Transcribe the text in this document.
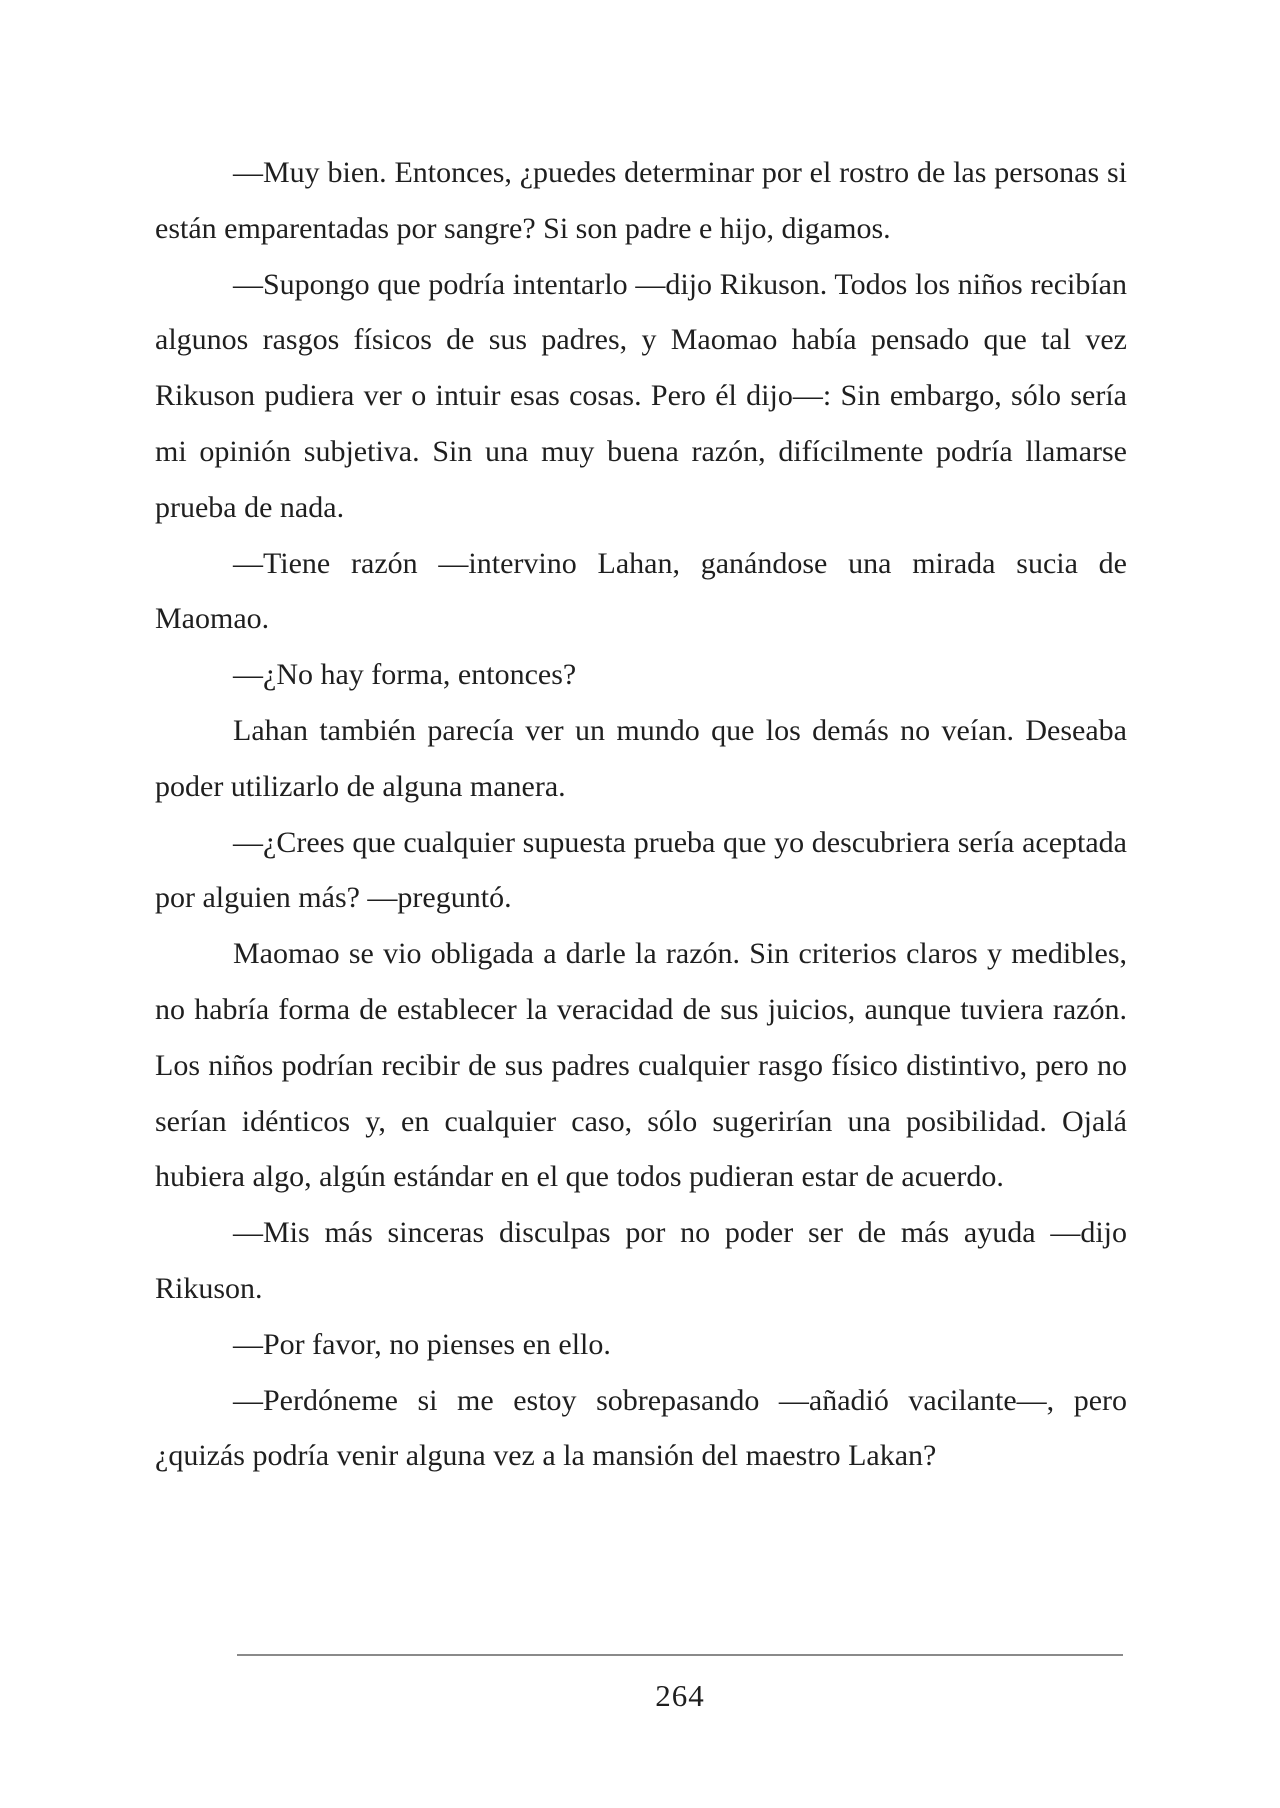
—Muy bien. Entonces, ¿puedes determinar por el rostro de las personas si están emparentadas por sangre? Si son padre e hijo, digamos.

—Supongo que podría intentarlo —dijo Rikuson. Todos los niños recibían algunos rasgos físicos de sus padres, y Maomao había pensado que tal vez Rikuson pudiera ver o intuir esas cosas. Pero él dijo—: Sin embargo, sólo sería mi opinión subjetiva. Sin una muy buena razón, difícilmente podría llamarse prueba de nada.

—Tiene razón —intervino Lahan, ganándose una mirada sucia de Maomao.

—¿No hay forma, entonces?

Lahan también parecía ver un mundo que los demás no veían. Deseaba poder utilizarlo de alguna manera.

—¿Crees que cualquier supuesta prueba que yo descubriera sería aceptada por alguien más? —preguntó.

Maomao se vio obligada a darle la razón. Sin criterios claros y medibles, no habría forma de establecer la veracidad de sus juicios, aunque tuviera razón. Los niños podrían recibir de sus padres cualquier rasgo físico distintivo, pero no serían idénticos y, en cualquier caso, sólo sugerirían una posibilidad. Ojalá hubiera algo, algún estándar en el que todos pudieran estar de acuerdo.

—Mis más sinceras disculpas por no poder ser de más ayuda —dijo Rikuson.

—Por favor, no pienses en ello.

—Perdóneme si me estoy sobrepasando —añadió vacilante—, pero ¿quizás podría venir alguna vez a la mansión del maestro Lakan?

264
